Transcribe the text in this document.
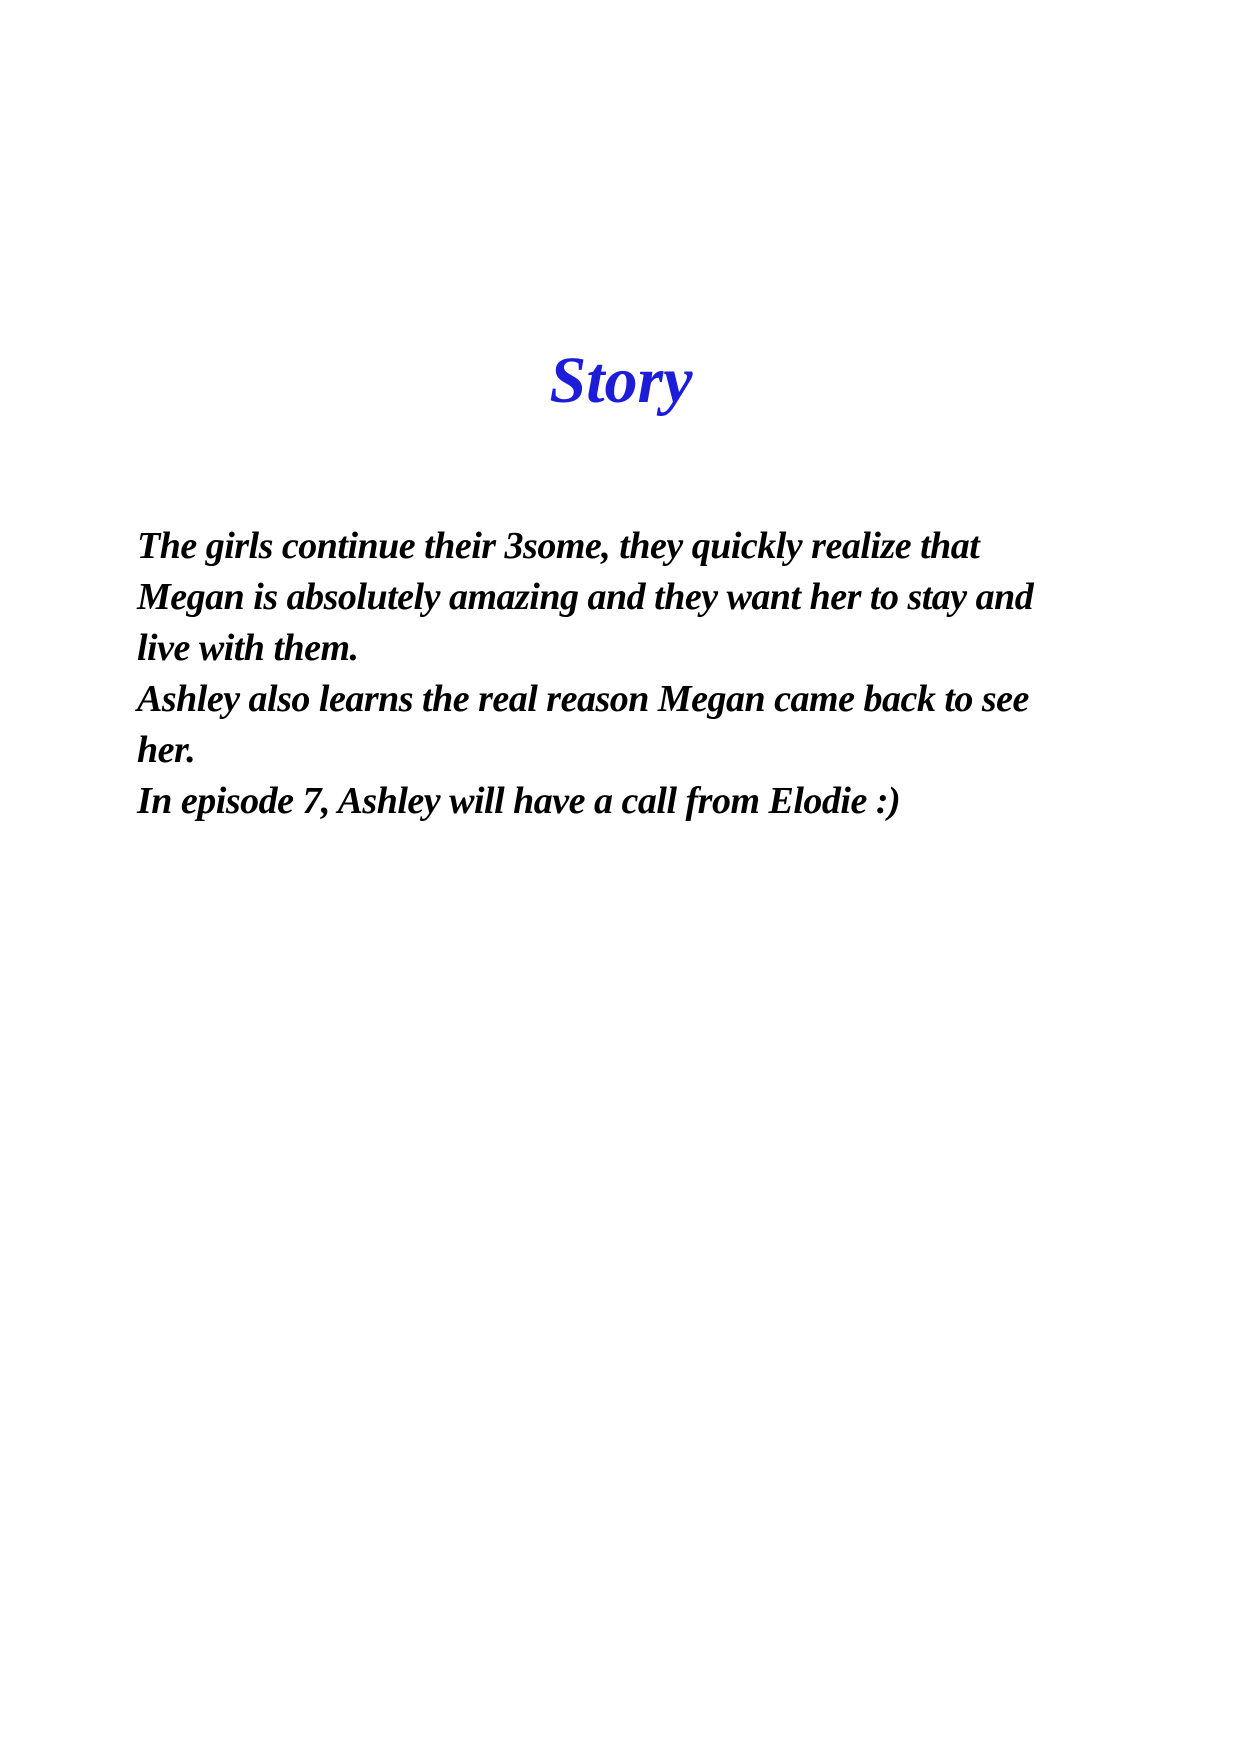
Story
The girls continue their 3some, they quickly realize that
Megan is absolutely amazing and they want her to stay and
live with them.
Ashley also learns the real reason Megan came back to see
her.
In episode 7, Ashley will have a call from Elodie :)
